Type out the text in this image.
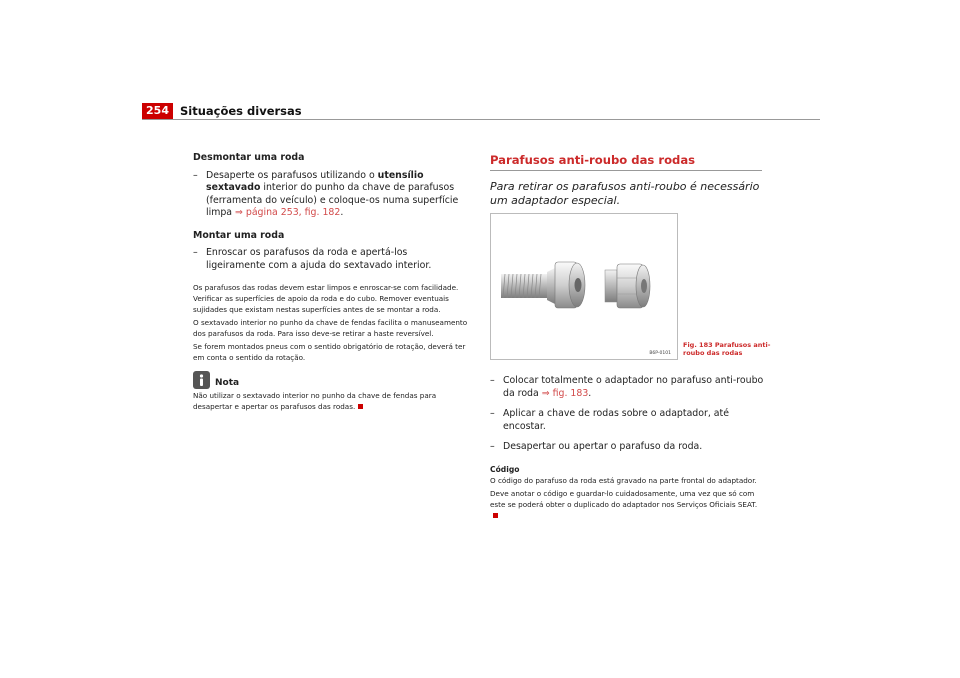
254 Situações diversas

Desmontar uma roda

– Desaperte os parafusos utilizando o utensílio sextavado interior do punho da chave de parafusos (ferramenta do veículo) e coloque-os numa superfície limpa ⇒ página 253, fig. 182.

Montar uma roda

– Enroscar os parafusos da roda e apertá-los ligeiramente com a ajuda do sextavado interior.

Os parafusos das rodas devem estar limpos e enroscar-se com facilidade. Verificar as superfícies de apoio da roda e do cubo. Remover eventuais sujidades que existam nestas superfícies antes de se montar a roda.

O sextavado interior no punho da chave de fendas facilita o manuseamento dos parafusos da roda. Para isso deve-se retirar a haste reversível.

Se forem montados pneus com o sentido obrigatório de rotação, deverá ter em conta o sentido da rotação.

Nota

Não utilizar o sextavado interior no punho da chave de fendas para desapertar e apertar os parafusos das rodas.

Parafusos anti-roubo das rodas

Para retirar os parafusos anti-roubo é necessário um adaptador especial.

B6P-0101
Fig. 183 Parafusos anti-roubo das rodas
– Colocar totalmente o adaptador no parafuso anti-roubo da roda ⇒ fig. 183.
– Aplicar a chave de rodas sobre o adaptador, até encostar.
– Desapertar ou apertar o parafuso da roda.

Código

O código do parafuso da roda está gravado na parte frontal do adaptador.

Deve anotar o código e guardar-lo cuidadosamente, uma vez que só com este se poderá obter o duplicado do adaptador nos Serviços Oficiais SEAT.
